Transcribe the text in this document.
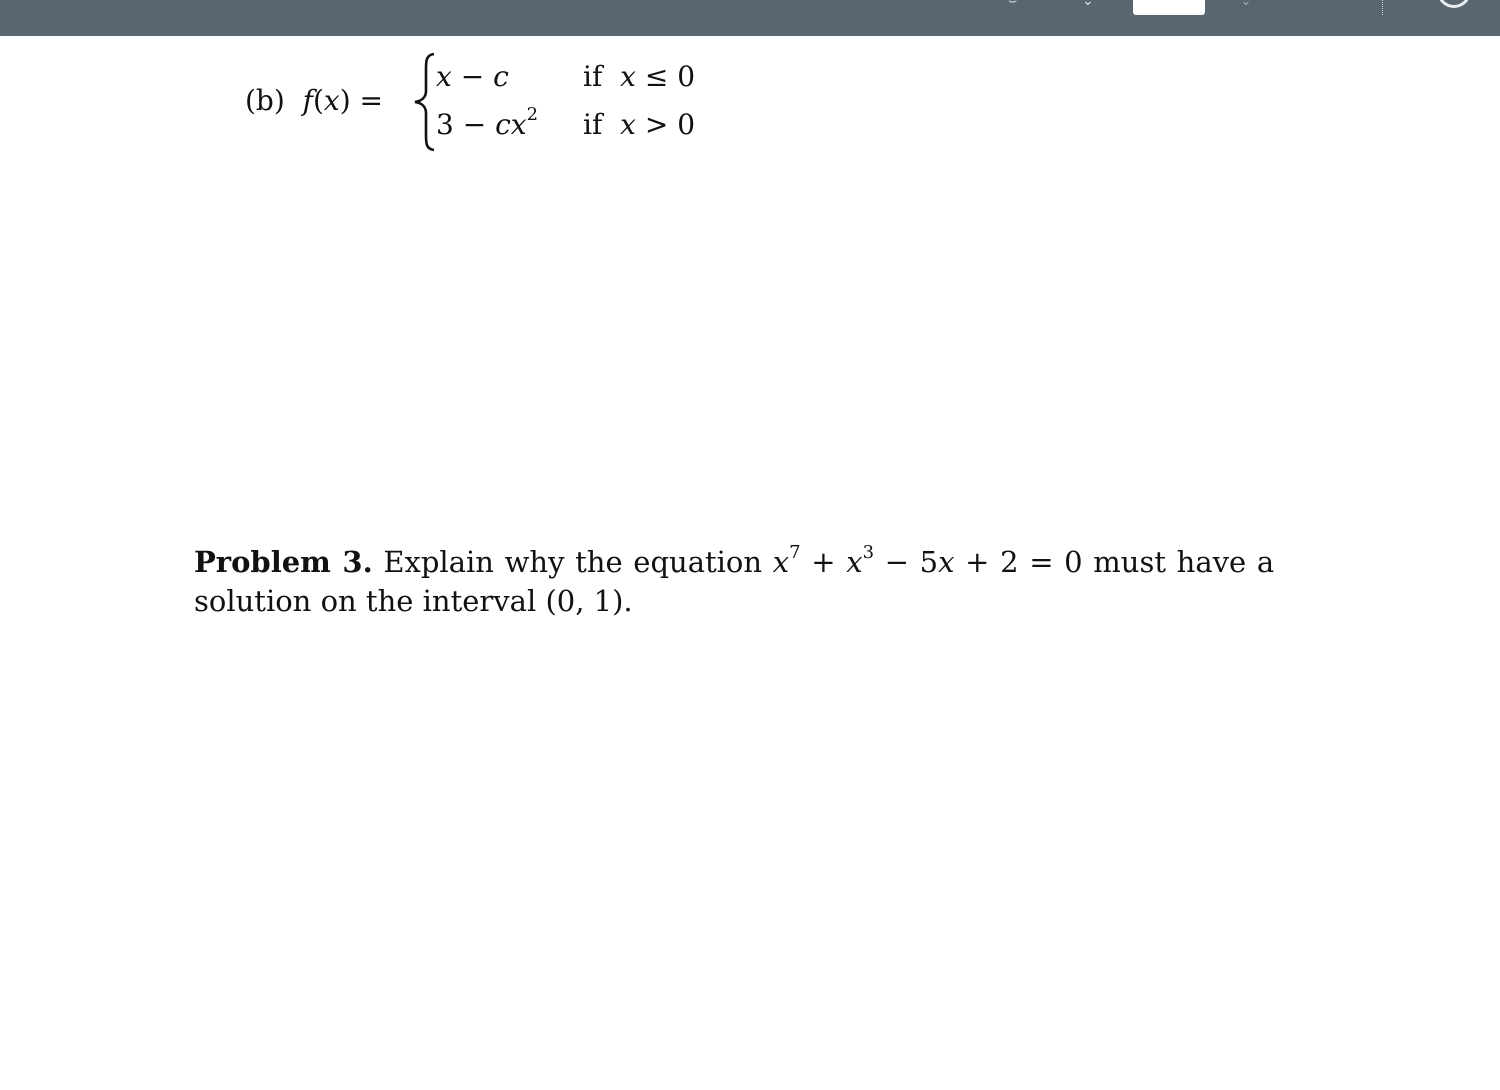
⌣	⌄	⌄
(b) f(x) =
x − c	if x ≤ 0
$3 - cx^2$ if x > 0
Problem 3. Explain why the equation $x^7 + x^3 - 5x + 2 = 0$ must have a solution on the interval (0, 1).
